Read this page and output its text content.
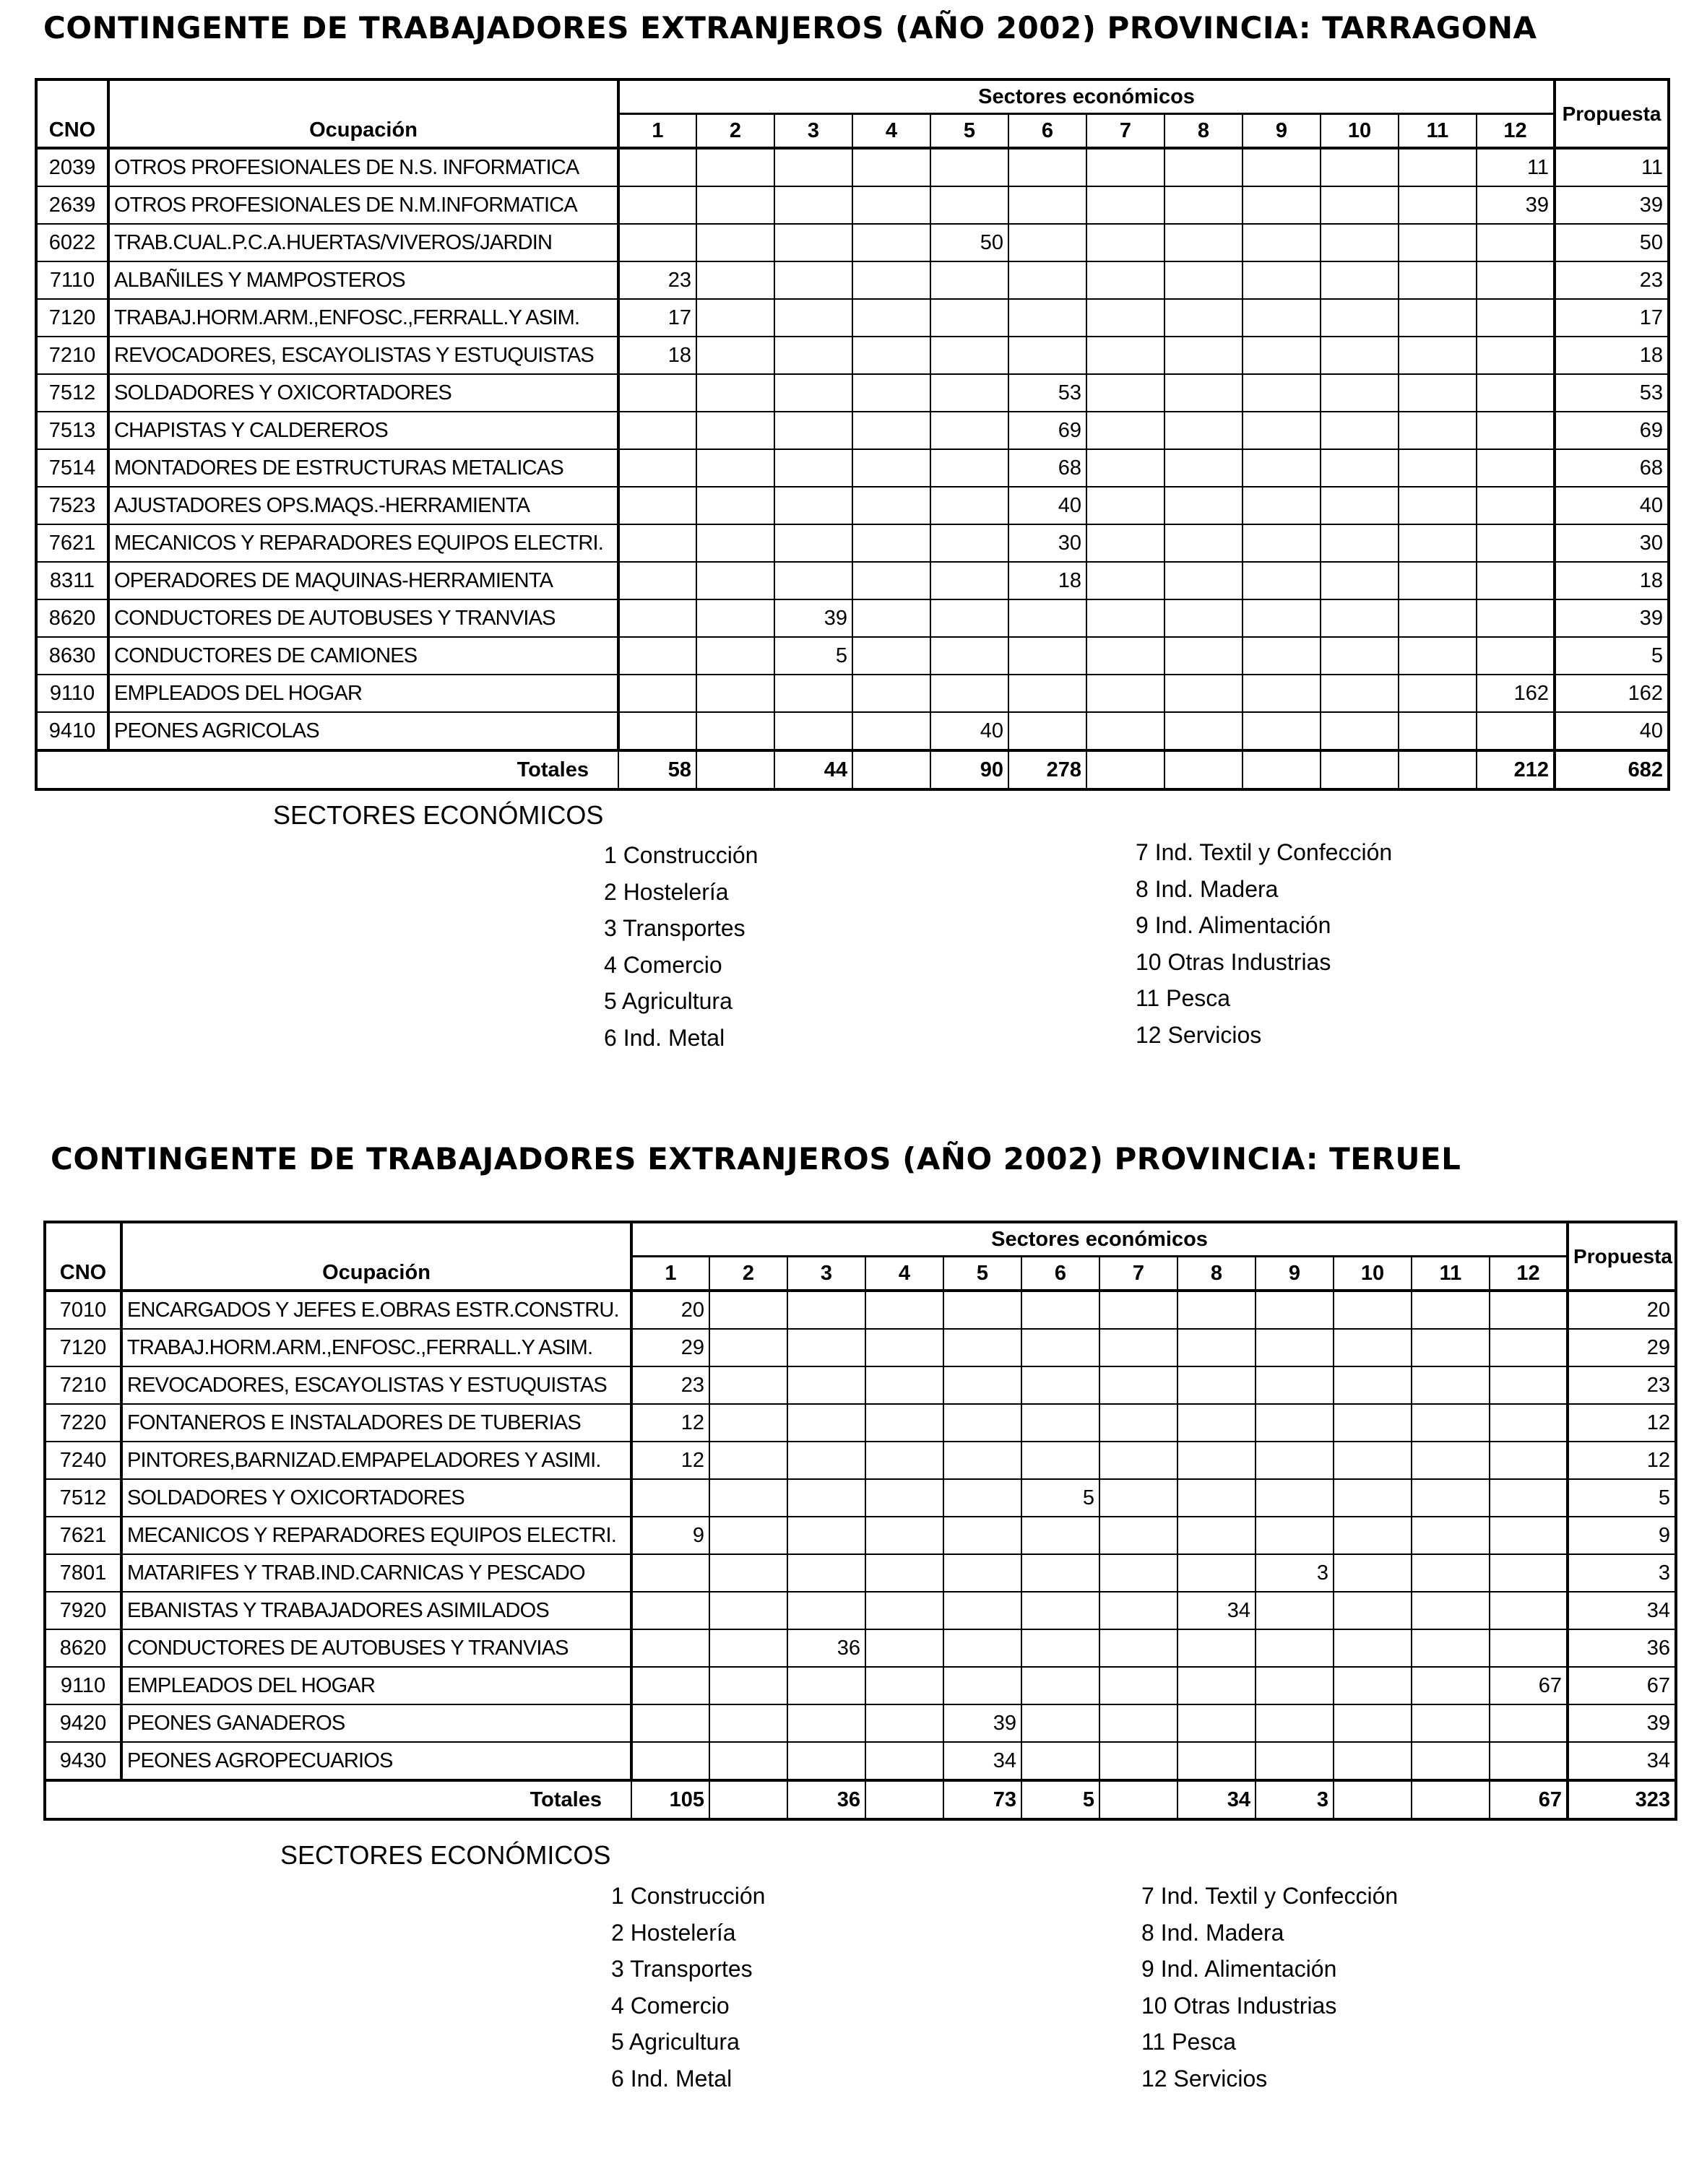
CONTINGENTE DE TRABAJADORES EXTRANJEROS (AÑO 2002) PROVINCIA: TARRAGONA
CNO	Ocupación	Sectores económicos												Propuesta
		1	2	3	4	5	6	7	8	9	10	11	12	
2039	OTROS PROFESIONALES DE N.S. INFORMATICA												11	11
2639	OTROS PROFESIONALES DE N.M.INFORMATICA												39	39
6022	TRAB.CUAL.P.C.A.HUERTAS/VIVEROS/JARDIN					50								50
7110	ALBAÑILES Y MAMPOSTEROS	23												23
7120	TRABAJ.HORM.ARM.,ENFOSC.,FERRALL.Y ASIM.	17												17
7210	REVOCADORES, ESCAYOLISTAS Y ESTUQUISTAS	18												18
7512	SOLDADORES Y OXICORTADORES						53							53
7513	CHAPISTAS Y CALDEREROS						69							69
7514	MONTADORES DE ESTRUCTURAS METALICAS						68							68
7523	AJUSTADORES OPS.MAQS.-HERRAMIENTA						40							40
7621	MECANICOS Y REPARADORES EQUIPOS ELECTRI.						30							30
8311	OPERADORES DE MAQUINAS-HERRAMIENTA						18							18
8620	CONDUCTORES DE AUTOBUSES Y TRANVIAS			39										39
8630	CONDUCTORES DE CAMIONES			5										5
9110	EMPLEADOS DEL HOGAR												162	162
9410	PEONES AGRICOLAS					40								40
Totales		58		44		90	278						212	682
SECTORES ECONÓMICOS
1 Construcción
2 Hostelería
3 Transportes
4 Comercio
5 Agricultura
6 Ind. Metal
7 Ind. Textil y Confección
8 Ind. Madera
9 Ind. Alimentación
10 Otras Industrias
11 Pesca
12 Servicios
CONTINGENTE DE TRABAJADORES EXTRANJEROS (AÑO 2002) PROVINCIA: TERUEL
CNO	Ocupación	Sectores económicos												Propuesta
		1	2	3	4	5	6	7	8	9	10	11	12	
7010	ENCARGADOS Y JEFES E.OBRAS ESTR.CONSTRU.	20												20
7120	TRABAJ.HORM.ARM.,ENFOSC.,FERRALL.Y ASIM.	29												29
7210	REVOCADORES, ESCAYOLISTAS Y ESTUQUISTAS	23												23
7220	FONTANEROS E INSTALADORES DE TUBERIAS	12												12
7240	PINTORES,BARNIZAD.EMPAPELADORES Y ASIMI.	12												12
7512	SOLDADORES Y OXICORTADORES						5							5
7621	MECANICOS Y REPARADORES EQUIPOS ELECTRI.	9												9
7801	MATARIFES Y TRAB.IND.CARNICAS Y PESCADO									3				3
7920	EBANISTAS Y TRABAJADORES ASIMILADOS								34					34
8620	CONDUCTORES DE AUTOBUSES Y TRANVIAS			36										36
9110	EMPLEADOS DEL HOGAR												67	67
9420	PEONES GANADEROS					39								39
9430	PEONES AGROPECUARIOS					34								34
Totales		105		36		73	5		34	3			67	323
SECTORES ECONÓMICOS
1 Construcción
2 Hostelería
3 Transportes
4 Comercio
5 Agricultura
6 Ind. Metal
7 Ind. Textil y Confección
8 Ind. Madera
9 Ind. Alimentación
10 Otras Industrias
11 Pesca
12 Servicios
